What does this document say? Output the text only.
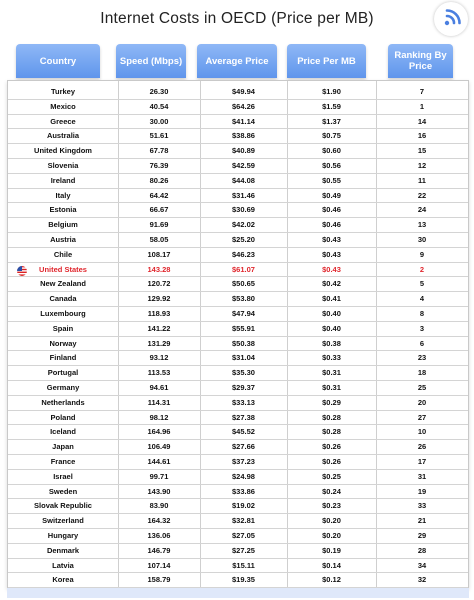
Internet Costs in OECD (Price per MB)
Country	Speed (Mbps)	Average Price	Price Per MB	Ranking By Price
Turkey	26.30	$49.94	$1.90	7
Mexico	40.54	$64.26	$1.59	1
Greece	30.00	$41.14	$1.37	14
Australia	51.61	$38.86	$0.75	16
United Kingdom	67.78	$40.89	$0.60	15
Slovenia	76.39	$42.59	$0.56	12
Ireland	80.26	$44.08	$0.55	11
Italy	64.42	$31.46	$0.49	22
Estonia	66.67	$30.69	$0.46	24
Belgium	91.69	$42.02	$0.46	13
Austria	58.05	$25.20	$0.43	30
Chile	108.17	$46.23	$0.43	9
United States	143.28	$61.07	$0.43	2
New Zealand	120.72	$50.65	$0.42	5
Canada	129.92	$53.80	$0.41	4
Luxembourg	118.93	$47.94	$0.40	8
Spain	141.22	$55.91	$0.40	3
Norway	131.29	$50.38	$0.38	6
Finland	93.12	$31.04	$0.33	23
Portugal	113.53	$35.30	$0.31	18
Germany	94.61	$29.37	$0.31	25
Netherlands	114.31	$33.13	$0.29	20
Poland	98.12	$27.38	$0.28	27
Iceland	164.96	$45.52	$0.28	10
Japan	106.49	$27.66	$0.26	26
France	144.61	$37.23	$0.26	17
Israel	99.71	$24.98	$0.25	31
Sweden	143.90	$33.86	$0.24	19
Slovak Republic	83.90	$19.02	$0.23	33
Switzerland	164.32	$32.81	$0.20	21
Hungary	136.06	$27.05	$0.20	29
Denmark	146.79	$27.25	$0.19	28
Latvia	107.14	$15.11	$0.14	34
Korea	158.79	$19.35	$0.12	32
